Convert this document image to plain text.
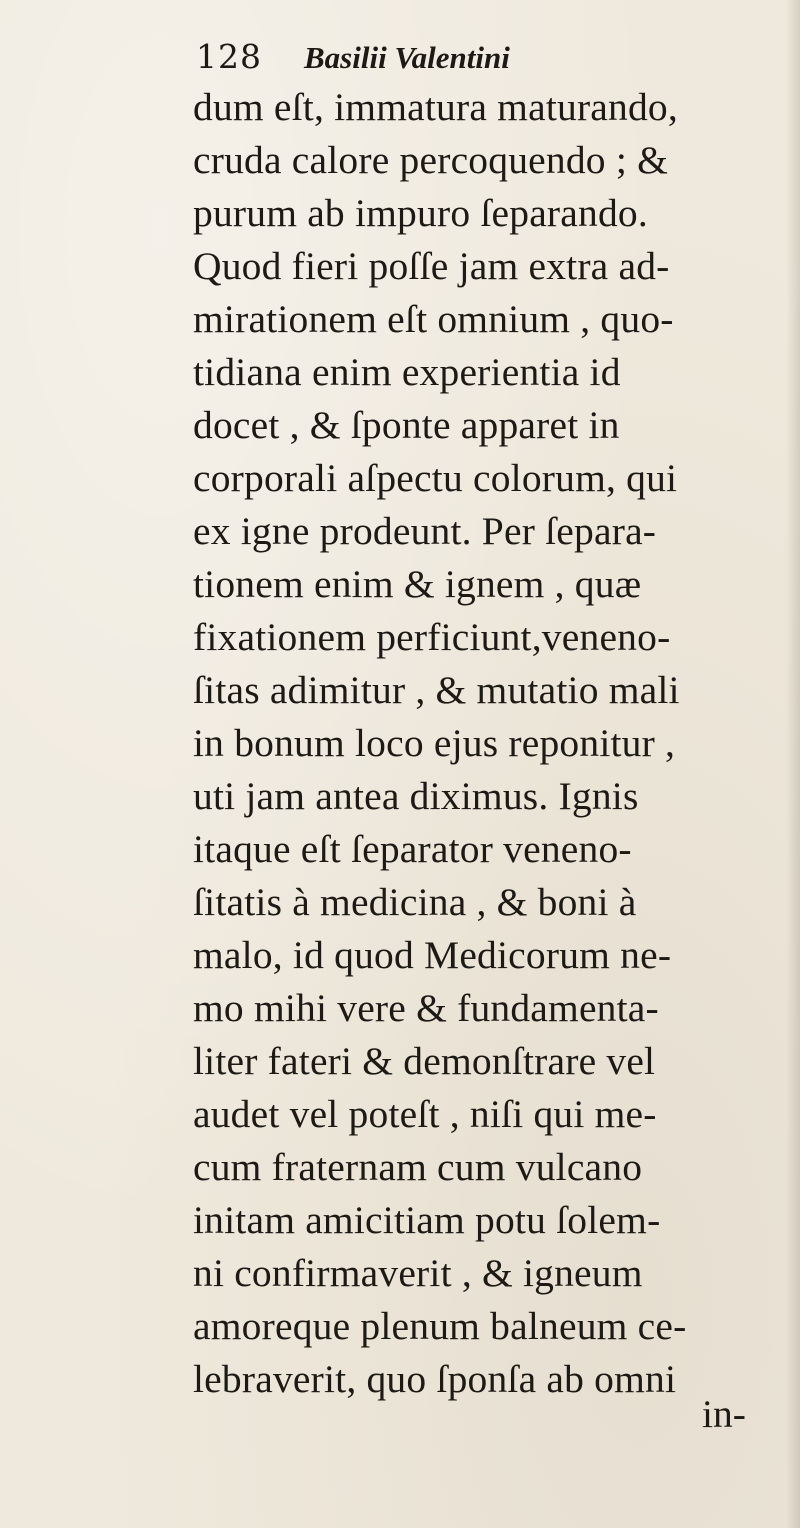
128 Basilii Valentini
dum eſt, immatura maturando,
cruda calore percoquendo ; &
purum ab impuro ſeparando.
Quod fieri poſſe jam extra ad-
mirationem eſt omnium , quo-
tidiana enim experientia id
docet , & ſponte apparet in
corporali aſpectu colorum, qui
ex igne prodeunt. Per ſepara-
tionem enim & ignem , quæ
fixationem perficiunt,veneno-
ſitas adimitur , & mutatio mali
in bonum loco ejus reponitur ,
uti jam antea diximus. Ignis
itaque eſt ſeparator veneno-
ſitatis à medicina , & boni à
malo, id quod Medicorum ne-
mo mihi vere & fundamenta-
liter fateri & demonſtrare vel
audet vel poteſt , niſi qui me-
cum fraternam cum vulcano
initam amicitiam potu ſolem-
ni confirmaverit , & igneum
amoreque plenum balneum ce-
lebraverit, quo ſponſa ab omni
in-
